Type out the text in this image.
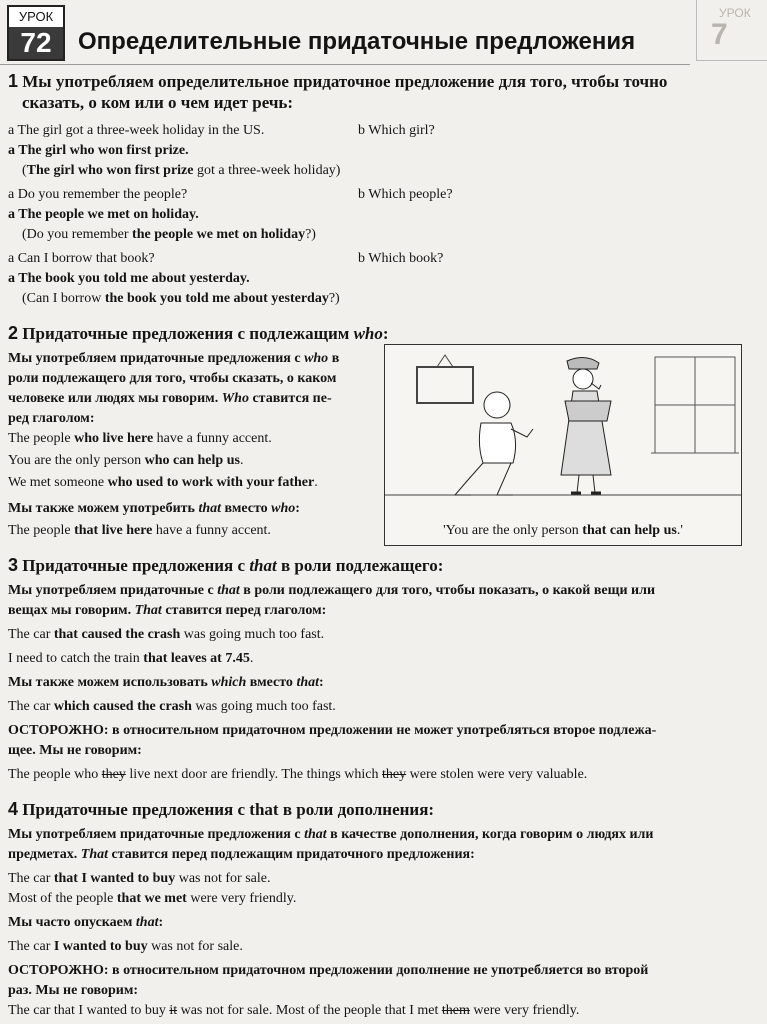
УРОК
7
УРОК
72	Определительные придаточные предложения
1 Мы употребляем определительное придаточное предложение для того, чтобы точно
сказать, о ком или о чем идет речь:
a The girl got a three-week holiday in the US.	b Which girl?
a The girl who won first prize.
(The girl who won first prize got a three-week holiday)
a Do you remember the people?	b Which people?
a The people we met on holiday.
(Do you remember the people we met on holiday?)
a Can I borrow that book?	b Which book?
a The book you told me about yesterday.
(Can I borrow the book you told me about yesterday?)
2 Придаточные предложения с подлежащим who:
Мы употребляем придаточные предложения с who в
роли подлежащего для того, чтобы сказать, о каком
человеке или людях мы говорим. Who ставится пе-
ред глаголом:
The people who live here have a funny accent.
You are the only person who can help us.
We met someone who used to work with your father.
Мы также можем употребить that вместо who:
The people that live here have a funny accent.	'You are the only person that can help us.'
3 Придаточные предложения с that в роли подлежащего:
Мы употребляем придаточные с that в роли подлежащего для того, чтобы показать, о какой вещи или
вещах мы говорим. That ставится перед глаголом:
The car that caused the crash was going much too fast.
I need to catch the train that leaves at 7.45.
Мы также можем использовать which вместо that:
The car which caused the crash was going much too fast.
ОСТОРОЖНО: в относительном придаточном предложении не может употребляться второе подлежа-
щее. Мы не говорим:
The people who they live next door are friendly. The things which they were stolen were very valuable.
4 Придаточные предложения с that в роли дополнения:
Мы употребляем придаточные предложения с that в качестве дополнения, когда говорим о людях или
предметах. That ставится перед подлежащим придаточного предложения:
The car that I wanted to buy was not for sale.
Most of the people that we met were very friendly.
Мы часто опускаем that:
The car I wanted to buy was not for sale.
ОСТОРОЖНО: в относительном придаточном предложении дополнение не употребляется во второй
раз. Мы не говорим:
The car that I wanted to buy it was not for sale. Most of the people that I met them were very friendly.
